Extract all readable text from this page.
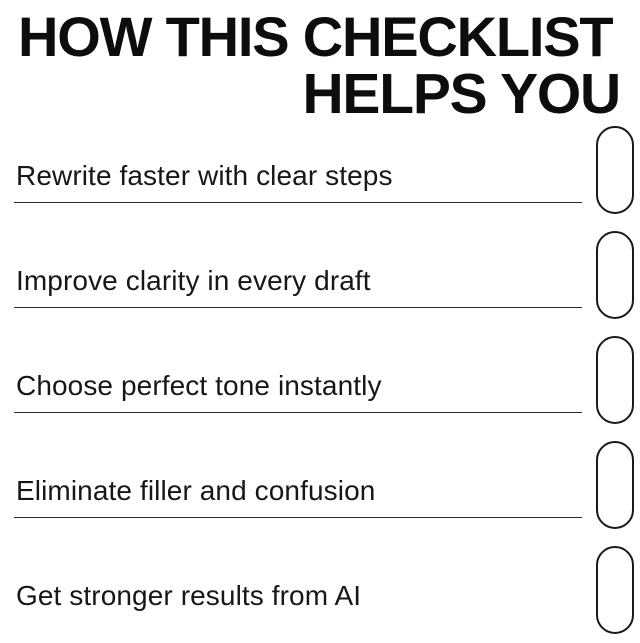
HOW THIS CHECKLIST
HELPS YOU
Rewrite faster with clear steps
Improve clarity in every draft
Choose perfect tone instantly
Eliminate filler and confusion
Get stronger results from AI
